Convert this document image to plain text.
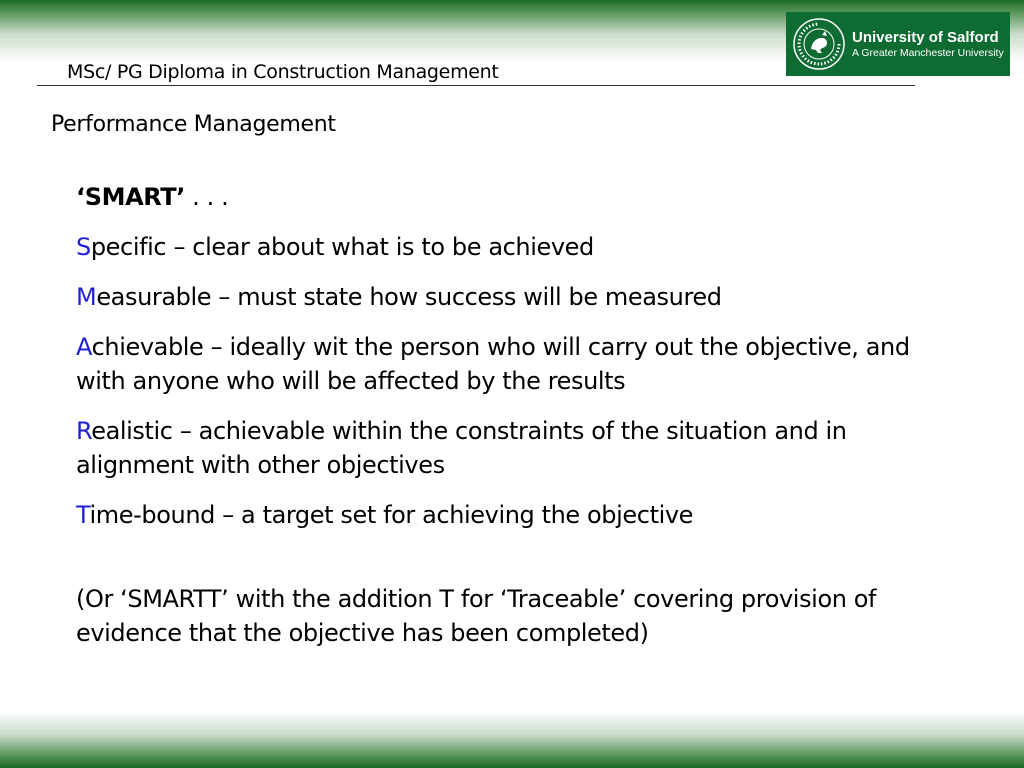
University of Salford
A Greater Manchester University
MSc/ PG Diploma in Construction Management
Performance Management
‘SMART’ . . .
Specific – clear about what is to be achieved
Measurable – must state how success will be measured
Achievable – ideally wit the person who will carry out the objective, and with anyone who will be affected by the results
Realistic – achievable within the constraints of the situation and in alignment with other objectives
Time-bound – a target set for achieving the objective
(Or ‘SMARTT’ with the addition T for ‘Traceable’ covering provision of evidence that the objective has been completed)
